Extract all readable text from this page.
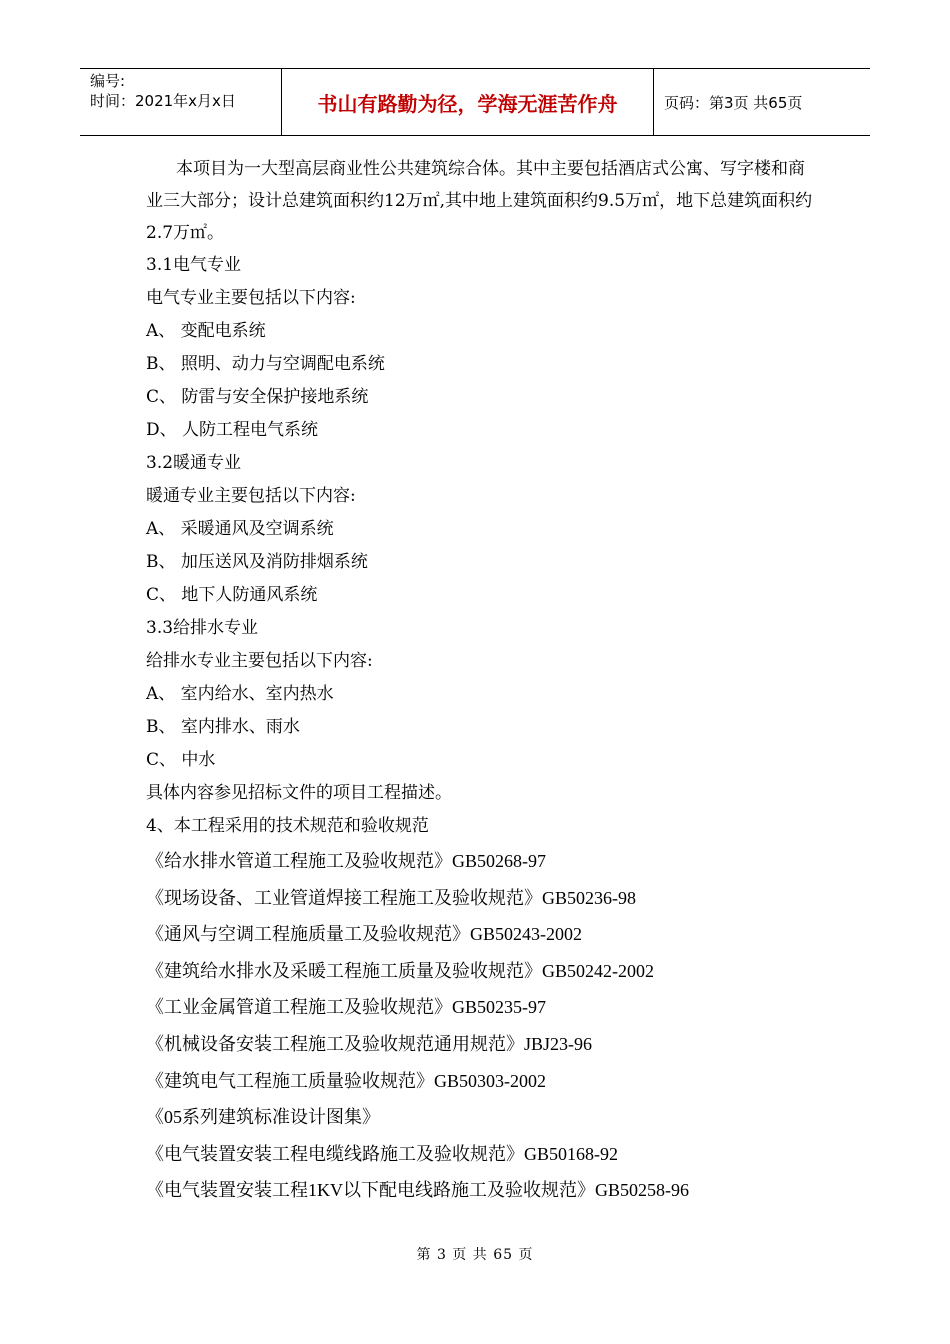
编号:
时间：2021年x月x日	书山有路勤为径，学海无涯苦作舟	页码：第3页 共65页

本项目为一大型高层商业性公共建筑综合体。其中主要包括酒店式公寓、写字楼和商业三大部分；设计总建筑面积约12万㎡,其中地上建筑面积约9.5万㎡，地下总建筑面积约2.7万㎡。

3.1电气专业
电气专业主要包括以下内容:
A、 变配电系统
B、 照明、动力与空调配电系统
C、 防雷与安全保护接地系统
D、 人防工程电气系统
3.2暖通专业
暖通专业主要包括以下内容:
A、 采暖通风及空调系统
B、 加压送风及消防排烟系统
C、 地下人防通风系统
3.3给排水专业
给排水专业主要包括以下内容:
A、 室内给水、室内热水
B、 室内排水、雨水
C、 中水
具体内容参见招标文件的项目工程描述。
4、本工程采用的技术规范和验收规范
《给水排水管道工程施工及验收规范》GB50268-97
《现场设备、工业管道焊接工程施工及验收规范》GB50236-98
《通风与空调工程施质量工及验收规范》GB50243-2002
《建筑给水排水及采暖工程施工质量及验收规范》GB50242-2002
《工业金属管道工程施工及验收规范》GB50235-97
《机械设备安装工程施工及验收规范通用规范》JBJ23-96
《建筑电气工程施工质量验收规范》GB50303-2002
《05系列建筑标准设计图集》
《电气装置安装工程电缆线路施工及验收规范》GB50168-92
《电气装置安装工程1KV以下配电线路施工及验收规范》GB50258-96
第 3 页 共 65 页
